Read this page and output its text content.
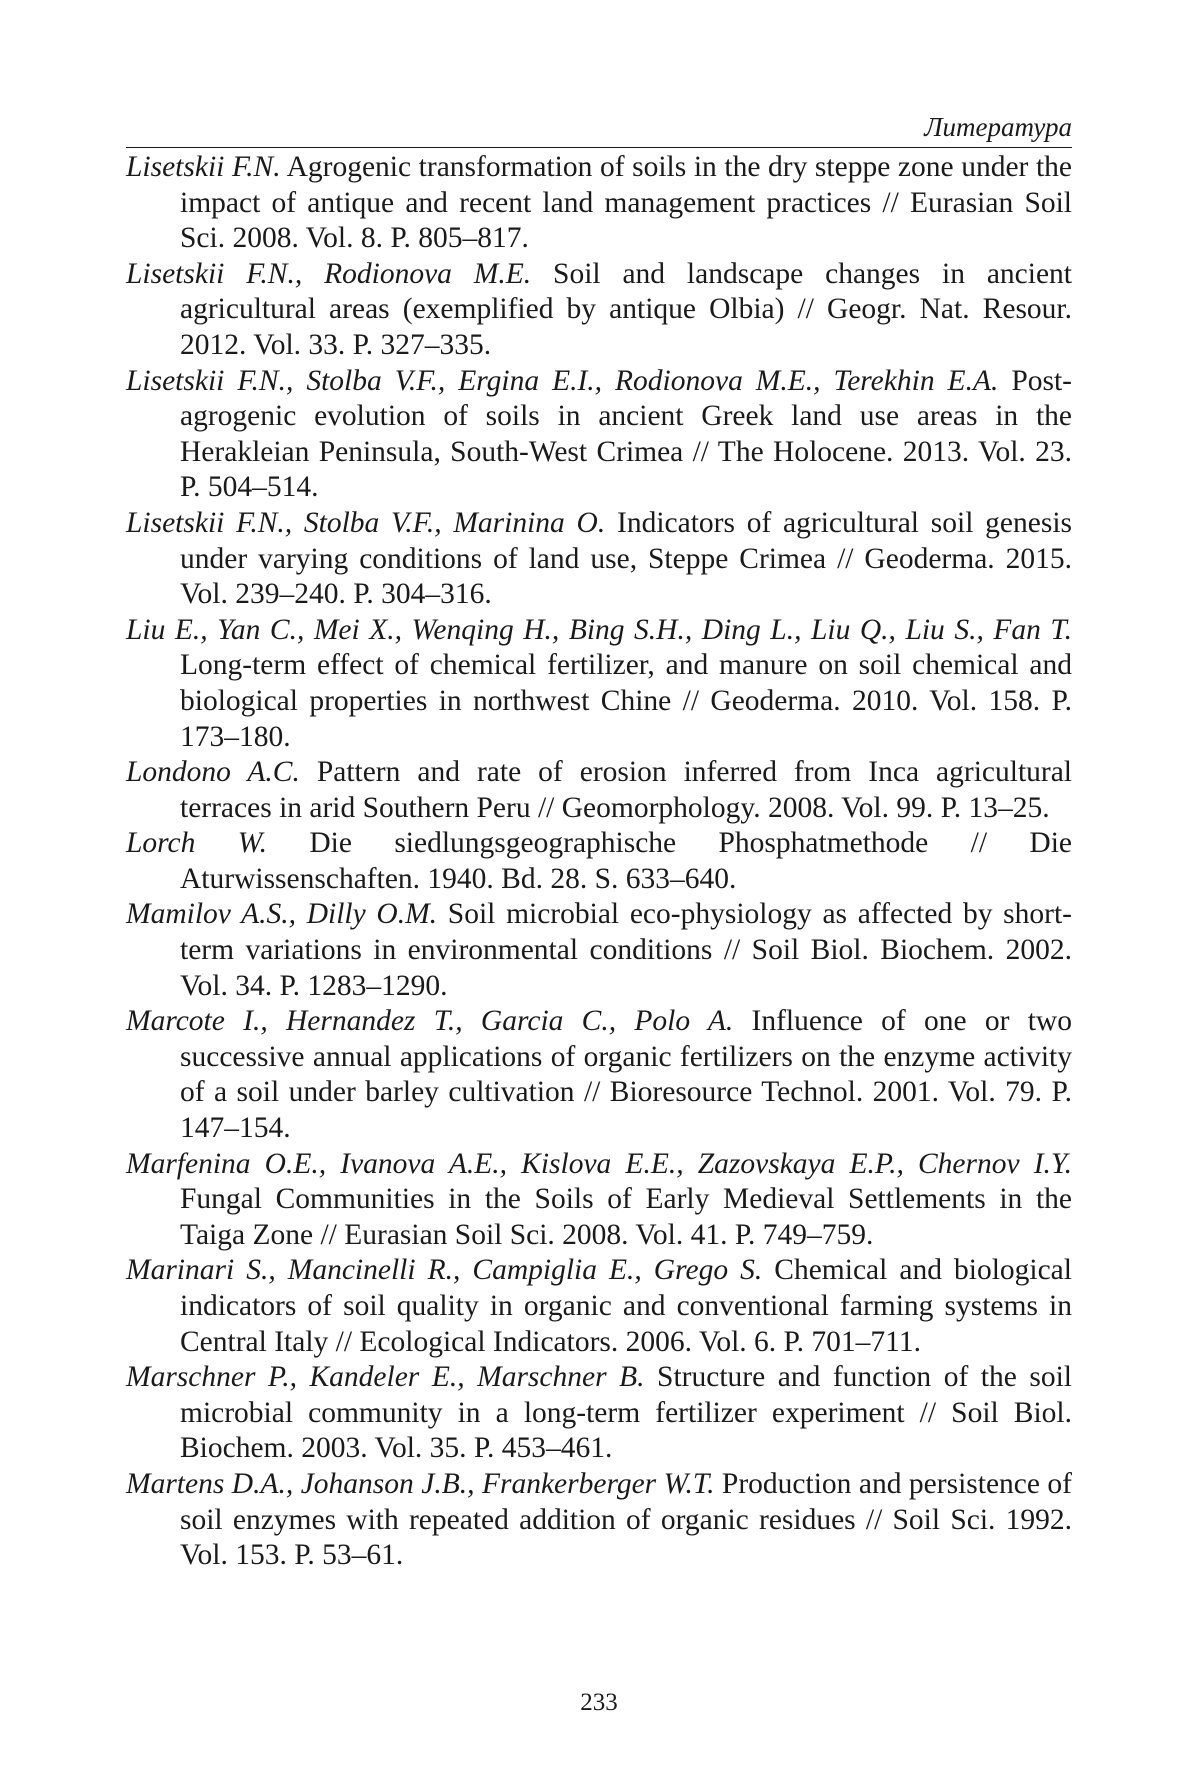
Литература

Lisetskii F.N. Agrogenic transformation of soils in the dry steppe zone under the impact of antique and recent land management practices // Eurasian Soil Sci. 2008. Vol. 8. P. 805–817.

Lisetskii F.N., Rodionova M.E. Soil and landscape changes in ancient agricultural areas (exemplified by antique Olbia) // Geogr. Nat. Resour. 2012. Vol. 33. P. 327–335.

Lisetskii F.N., Stolba V.F., Ergina E.I., Rodionova M.E., Terekhin E.A. Post-agrogenic evolution of soils in ancient Greek land use areas in the Herakleian Peninsula, South-West Crimea // The Holocene. 2013. Vol. 23. P. 504–514.

Lisetskii F.N., Stolba V.F., Marinina O. Indicators of agricultural soil genesis under varying conditions of land use, Steppe Crimea // Geoderma. 2015. Vol. 239–240. P. 304–316.

Liu E., Yan C., Mei X., Wenqing H., Bing S.H., Ding L., Liu Q., Liu S., Fan T. Long-term effect of chemical fertilizer, and manure on soil chemical and biological properties in northwest Chine // Geoderma. 2010. Vol. 158. P. 173–180.

Londono A.C. Pattern and rate of erosion inferred from Inca agricultural terraces in arid Southern Peru // Geomorphology. 2008. Vol. 99. P. 13–25.

Lorch W. Die siedlungsgeographische Phosphatmethode // Die Aturwissenschaften. 1940. Bd. 28. S. 633–640.

Mamilov A.S., Dilly O.M. Soil microbial eco-physiology as affected by short-term variations in environmental conditions // Soil Biol. Biochem. 2002. Vol. 34. P. 1283–1290.

Marcote I., Hernandez T., Garcia C., Polo A. Influence of one or two successive annual applications of organic fertilizers on the enzyme activity of a soil under barley cultivation // Bioresource Technol. 2001. Vol. 79. P. 147–154.

Marfenina O.E., Ivanova A.E., Kislova E.E., Zazovskaya E.P., Chernov I.Y. Fungal Communities in the Soils of Early Medieval Settlements in the Taiga Zone // Eurasian Soil Sci. 2008. Vol. 41. P. 749–759.

Marinari S., Mancinelli R., Campiglia E., Grego S. Chemical and biological indicators of soil quality in organic and conventional farming systems in Central Italy // Ecological Indicators. 2006. Vol. 6. P. 701–711.

Marschner P., Kandeler E., Marschner B. Structure and function of the soil microbial community in a long-term fertilizer experiment // Soil Biol. Biochem. 2003. Vol. 35. P. 453–461.

Martens D.A., Johanson J.B., Frankerberger W.T. Production and persistence of soil enzymes with repeated addition of organic residues // Soil Sci. 1992. Vol. 153. P. 53–61.

233
